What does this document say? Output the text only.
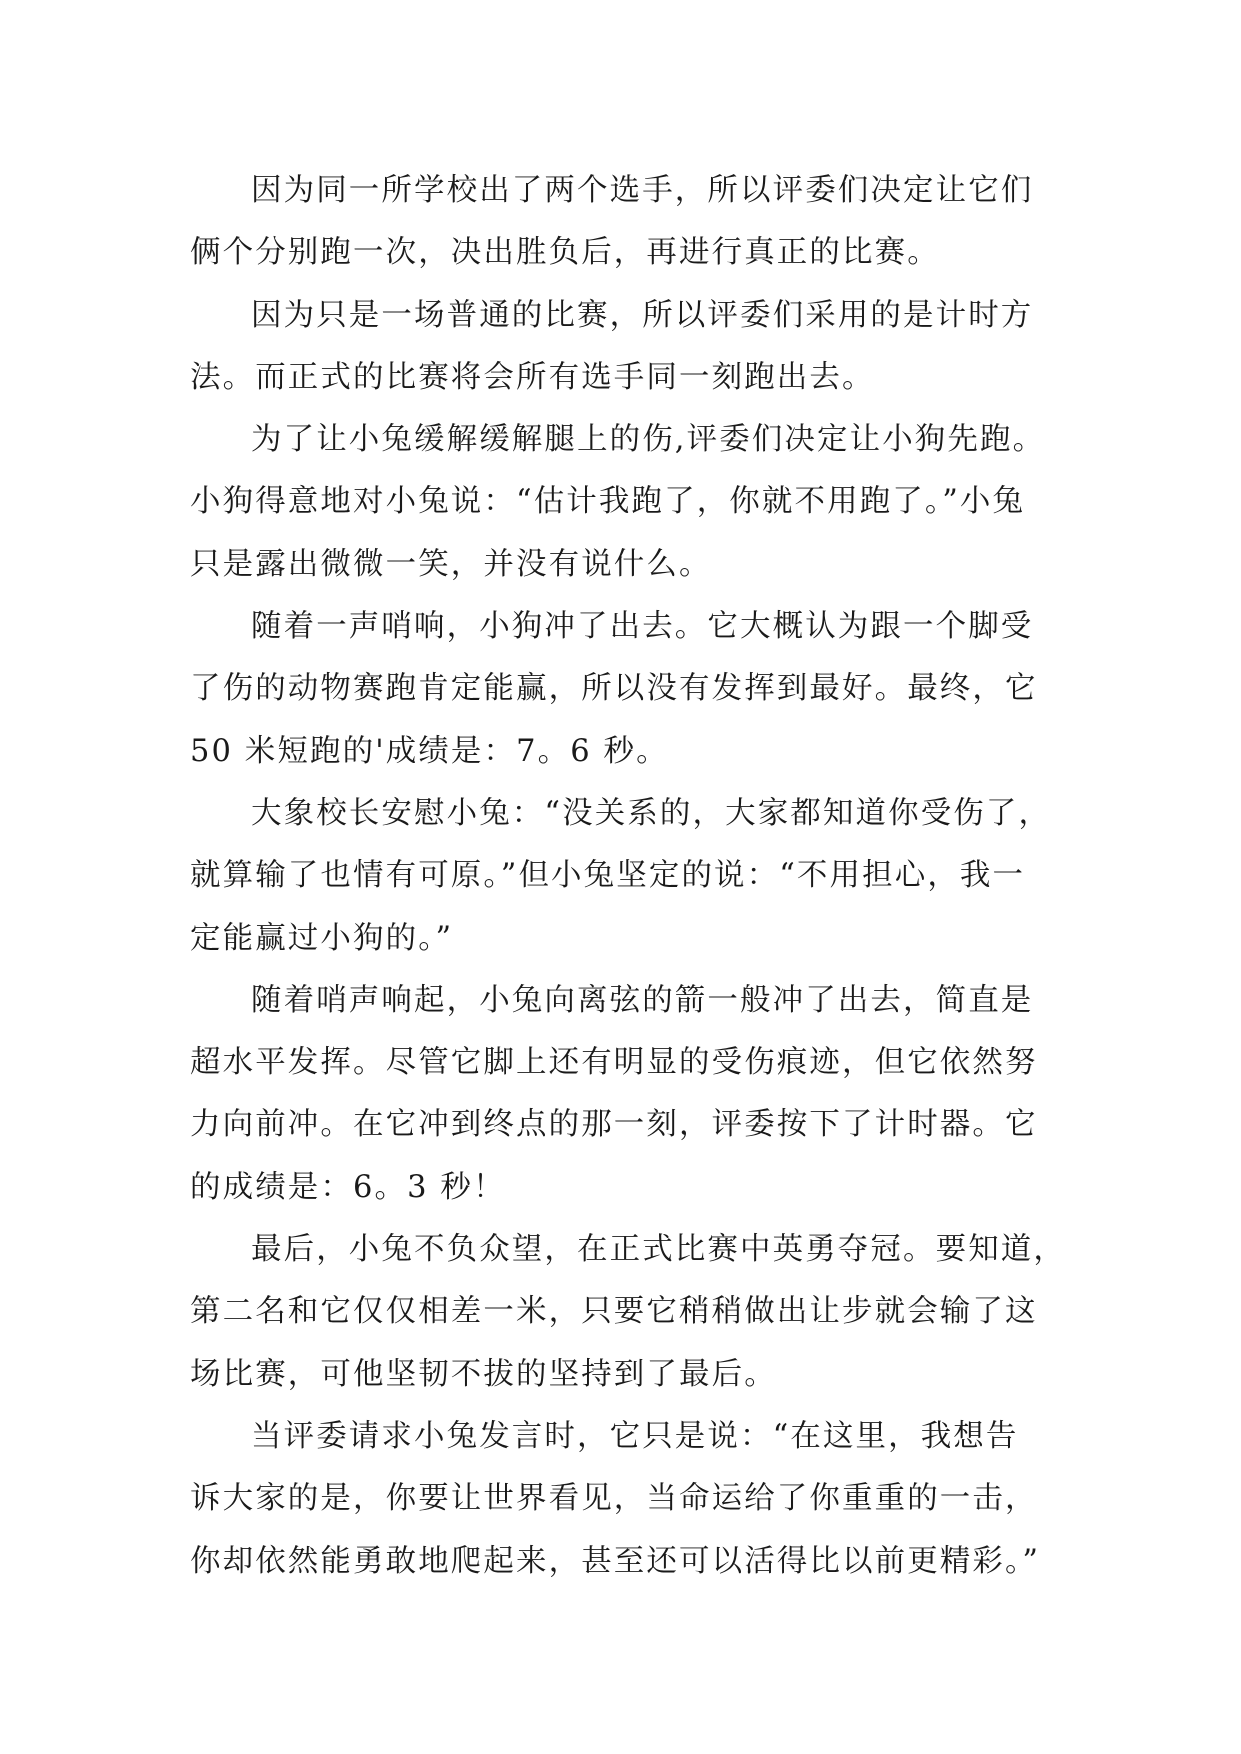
因为同一所学校出了两个选手，所以评委们决定让它们
俩个分别跑一次，决出胜负后，再进行真正的比赛。

因为只是一场普通的比赛，所以评委们采用的是计时方
法。而正式的比赛将会所有选手同一刻跑出去。

为了让小兔缓解缓解腿上的伤,评委们决定让小狗先跑。
小狗得意地对小兔说：“估计我跑了，你就不用跑了。”小兔
只是露出微微一笑，并没有说什么。

随着一声哨响，小狗冲了出去。它大概认为跟一个脚受
了伤的动物赛跑肯定能赢，所以没有发挥到最好。最终，它
50 米短跑的'成绩是：7。6 秒。

大象校长安慰小兔：“没关系的，大家都知道你受伤了，
就算输了也情有可原。”但小兔坚定的说：“不用担心，我一
定能赢过小狗的。”

随着哨声响起，小兔向离弦的箭一般冲了出去，简直是
超水平发挥。尽管它脚上还有明显的受伤痕迹，但它依然努
力向前冲。在它冲到终点的那一刻，评委按下了计时器。它
的成绩是：6。3 秒！

最后，小兔不负众望，在正式比赛中英勇夺冠。要知道，
第二名和它仅仅相差一米，只要它稍稍做出让步就会输了这
场比赛，可他坚韧不拔的坚持到了最后。

当评委请求小兔发言时，它只是说：“在这里，我想告
诉大家的是，你要让世界看见，当命运给了你重重的一击，
你却依然能勇敢地爬起来，甚至还可以活得比以前更精彩。”
